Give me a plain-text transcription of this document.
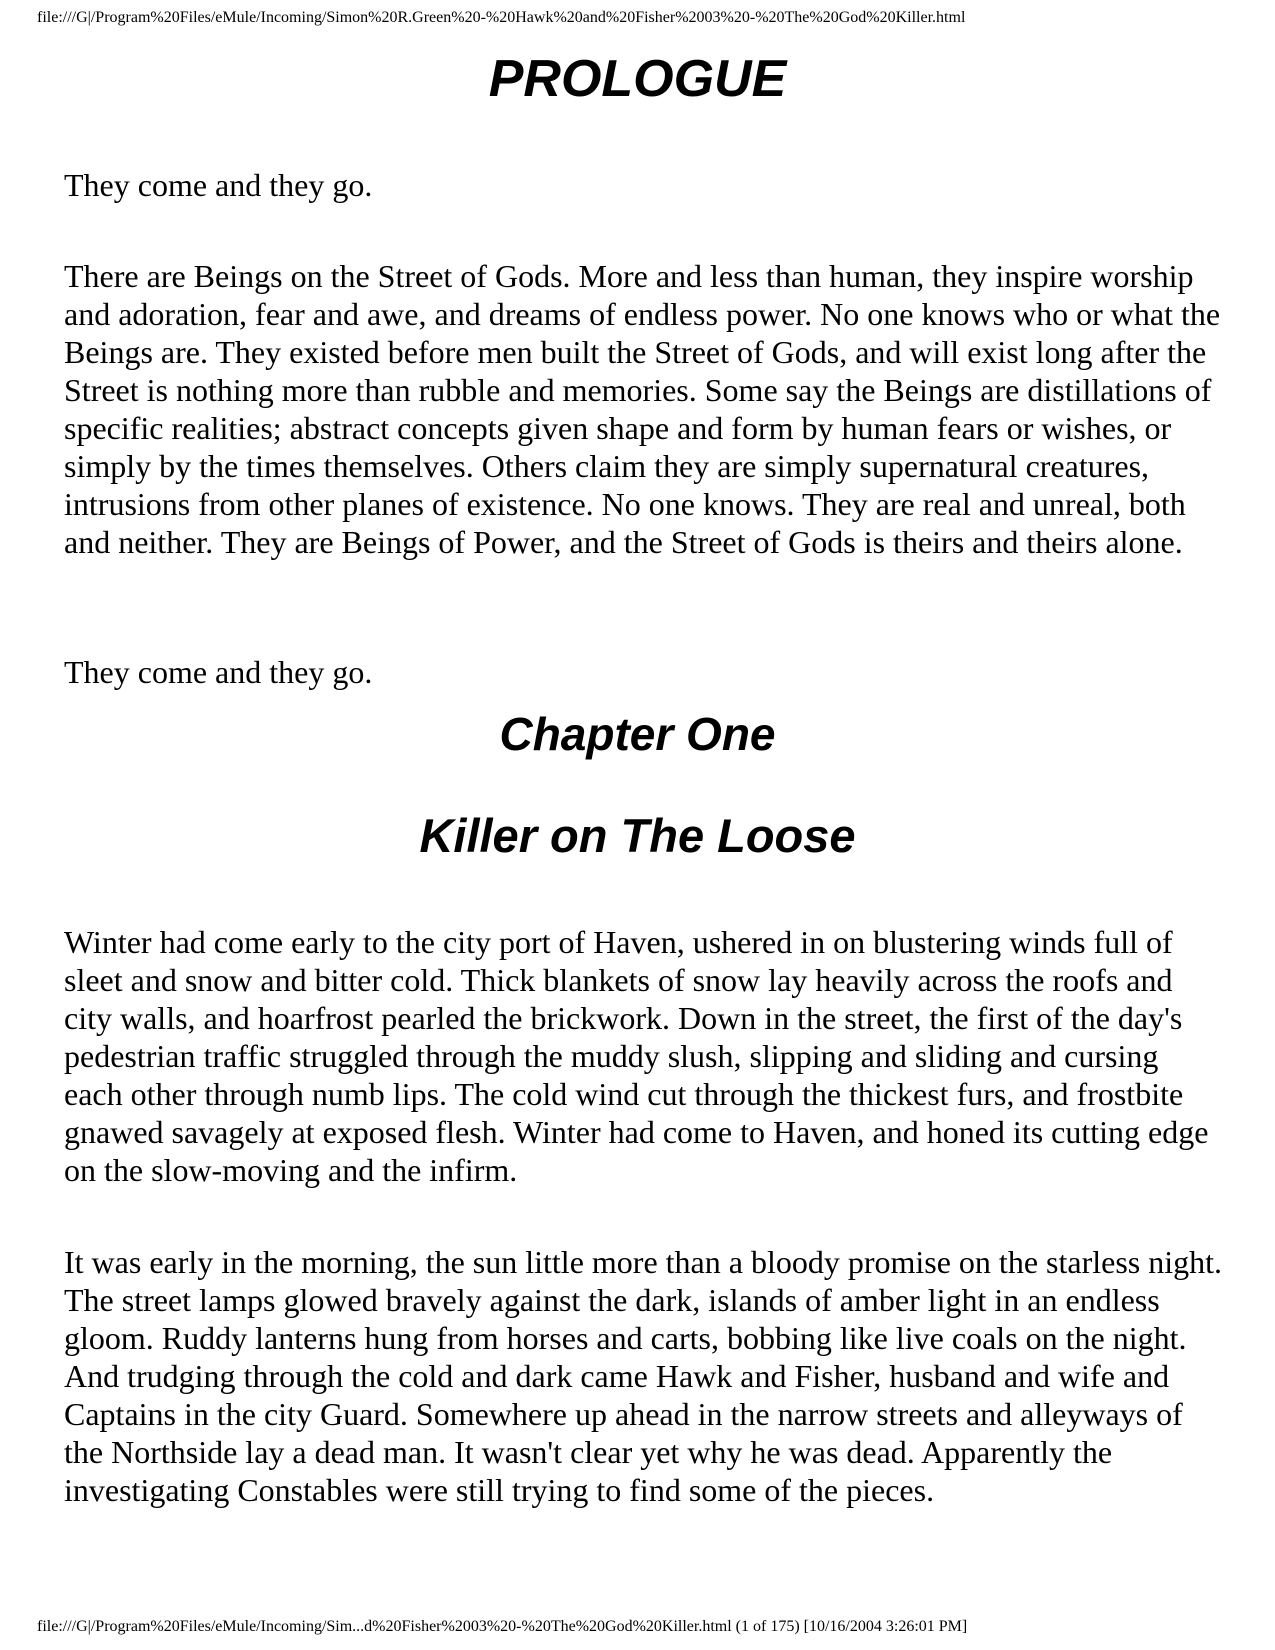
file:///G|/Program%20Files/eMule/Incoming/Simon%20R.Green%20-%20Hawk%20and%20Fisher%2003%20-%20The%20God%20Killer.html
PROLOGUE

They come and they go.

There are Beings on the Street of Gods. More and less than human, they inspire worship and adoration, fear and awe, and dreams of endless power. No one knows who or what the Beings are. They existed before men built the Street of Gods, and will exist long after the Street is nothing more than rubble and memories. Some say the Beings are distillations of specific realities; abstract concepts given shape and form by human fears or wishes, or simply by the times themselves. Others claim they are simply supernatural creatures, intrusions from other planes of existence. No one knows. They are real and unreal, both and neither. They are Beings of Power, and the Street of Gods is theirs and theirs alone.

They come and they go.

Chapter One
Killer on The Loose

Winter had come early to the city port of Haven, ushered in on blustering winds full of sleet and snow and bitter cold. Thick blankets of snow lay heavily across the roofs and city walls, and hoarfrost pearled the brickwork. Down in the street, the first of the day's pedestrian traffic struggled through the muddy slush, slipping and sliding and cursing each other through numb lips. The cold wind cut through the thickest furs, and frostbite gnawed savagely at exposed flesh. Winter had come to Haven, and honed its cutting edge on the slow-moving and the infirm.

It was early in the morning, the sun little more than a bloody promise on the starless night. The street lamps glowed bravely against the dark, islands of amber light in an endless gloom. Ruddy lanterns hung from horses and carts, bobbing like live coals on the night. And trudging through the cold and dark came Hawk and Fisher, husband and wife and Captains in the city Guard. Somewhere up ahead in the narrow streets and alleyways of the Northside lay a dead man. It wasn't clear yet why he was dead. Apparently the investigating Constables were still trying to find some of the pieces.

file:///G|/Program%20Files/eMule/Incoming/Sim...d%20Fisher%2003%20-%20The%20God%20Killer.html (1 of 175) [10/16/2004 3:26:01 PM]
